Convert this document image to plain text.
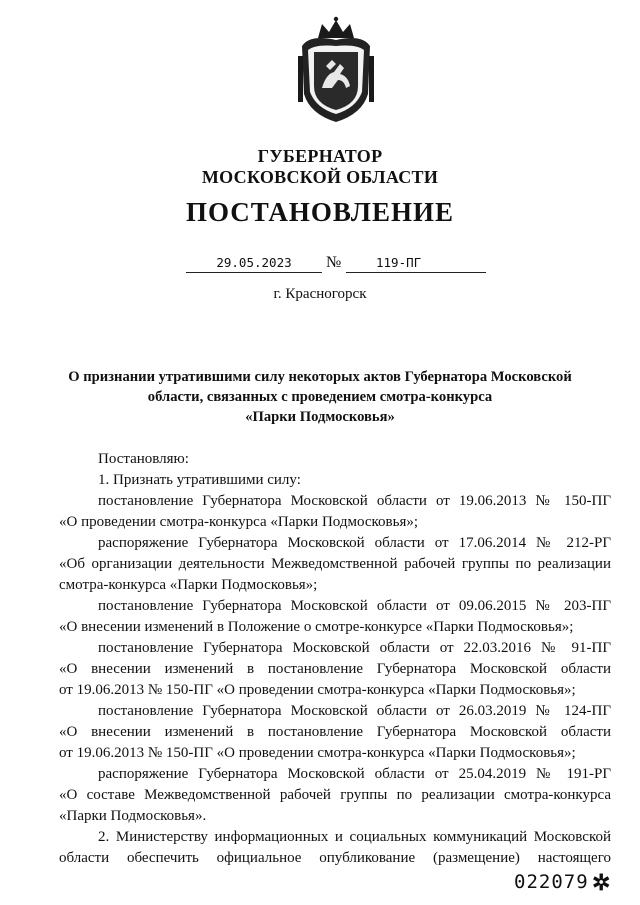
ГУБЕРНАТОР
МОСКОВСКОЙ ОБЛАСТИ
ПОСТАНОВЛЕНИЕ
29.05.2023	№	119-ПГ
г. Красногорск
О признании утратившими силу некоторых актов Губернатора Московской
области, связанных с проведением смотра-конкурса
«Парки Подмосковья»
Постановляю:
1. Признать утратившими силу:
постановление Губернатора Московской области от 19.06.2013 № 150-ПГ
«О проведении смотра-конкурса «Парки Подмосковья»;
распоряжение Губернатора Московской области от 17.06.2014 № 212-РГ
«Об организации деятельности Межведомственной рабочей группы по реализации
смотра-конкурса «Парки Подмосковья»;
постановление Губернатора Московской области от 09.06.2015 № 203-ПГ
«О внесении изменений в Положение о смотре-конкурсе «Парки Подмосковья»;
постановление Губернатора Московской области от 22.03.2016 № 91-ПГ
«О внесении изменений в постановление Губернатора Московской области
от 19.06.2013 № 150-ПГ «О проведении смотра-конкурса «Парки Подмосковья»;
постановление Губернатора Московской области от 26.03.2019 № 124-ПГ
«О внесении изменений в постановление Губернатора Московской области
от 19.06.2013 № 150-ПГ «О проведении смотра-конкурса «Парки Подмосковья»;
распоряжение Губернатора Московской области от 25.04.2019 № 191-РГ
«О составе Межведомственной рабочей группы по реализации смотра-конкурса
«Парки Подмосковья».
2. Министерству информационных и социальных коммуникаций Московской
области обеспечить официальное опубликование (размещение) настоящего
022079 ✲
